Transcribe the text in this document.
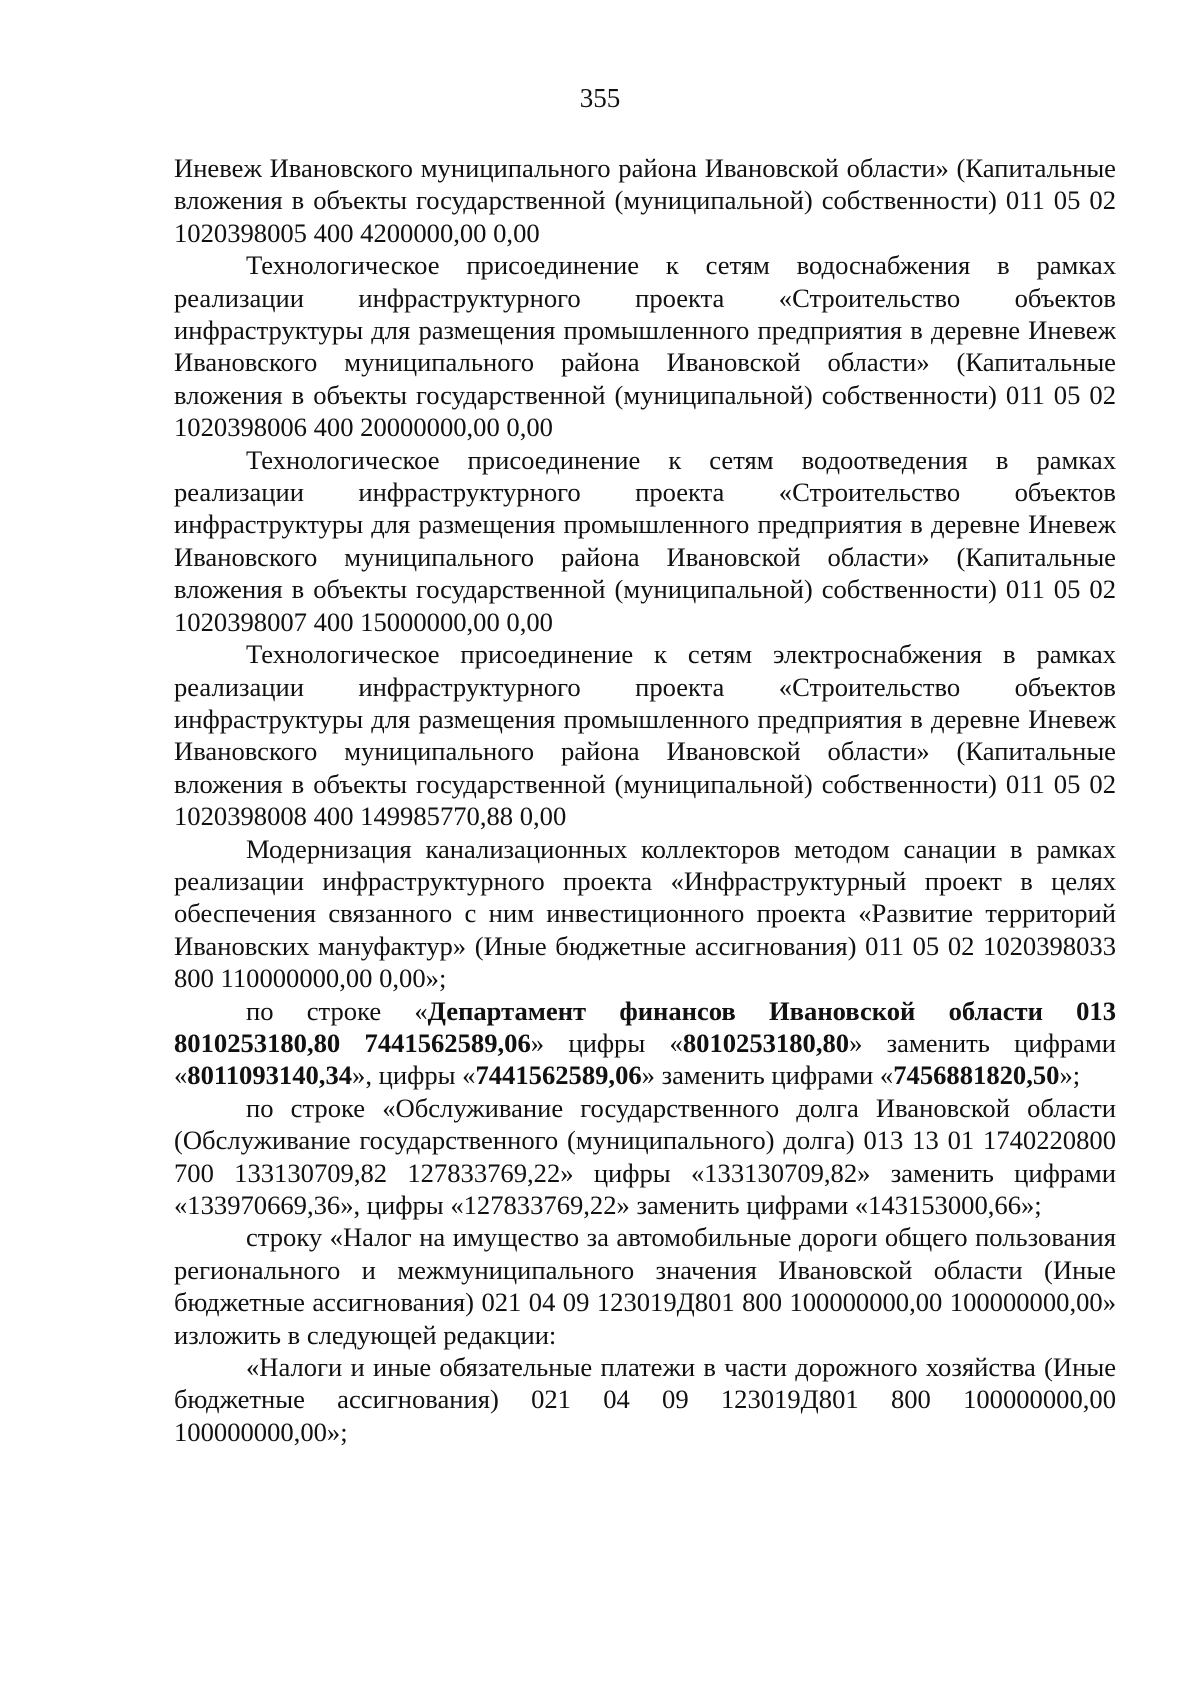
355

Иневеж Ивановского муниципального района Ивановской области» (Капитальные вложения в объекты государственной (муниципальной) собственности) 011 05 02 1020398005 400 4200000,00 0,00

Технологическое присоединение к сетям водоснабжения в рамках реализации инфраструктурного проекта «Строительство объектов инфраструктуры для размещения промышленного предприятия в деревне Иневеж Ивановского муниципального района Ивановской области» (Капитальные вложения в объекты государственной (муниципальной) собственности) 011 05 02 1020398006 400 20000000,00 0,00

Технологическое присоединение к сетям водоотведения в рамках реализации инфраструктурного проекта «Строительство объектов инфраструктуры для размещения промышленного предприятия в деревне Иневеж Ивановского муниципального района Ивановской области» (Капитальные вложения в объекты государственной (муниципальной) собственности) 011 05 02 1020398007 400 15000000,00 0,00

Технологическое присоединение к сетям электроснабжения в рамках реализации инфраструктурного проекта «Строительство объектов инфраструктуры для размещения промышленного предприятия в деревне Иневеж Ивановского муниципального района Ивановской области» (Капитальные вложения в объекты государственной (муниципальной) собственности) 011 05 02 1020398008 400 149985770,88 0,00

Модернизация канализационных коллекторов методом санации в рамках реализации инфраструктурного проекта «Инфраструктурный проект в целях обеспечения связанного с ним инвестиционного проекта «Развитие территорий Ивановских мануфактур» (Иные бюджетные ассигнования) 011 05 02 1020398033 800 110000000,00 0,00»;

по строке «Департамент финансов Ивановской области 013 8010253180,80 7441562589,06» цифры «8010253180,80» заменить цифрами «8011093140,34», цифры «7441562589,06» заменить цифрами «7456881820,50»;

по строке «Обслуживание государственного долга Ивановской области (Обслуживание государственного (муниципального) долга) 013 13 01 1740220800 700 133130709,82 127833769,22» цифры «133130709,82» заменить цифрами «133970669,36», цифры «127833769,22» заменить цифрами «143153000,66»;

строку «Налог на имущество за автомобильные дороги общего пользования регионального и межмуниципального значения Ивановской области (Иные бюджетные ассигнования) 021 04 09 123019Д801 800 100000000,00 100000000,00» изложить в следующей редакции:

«Налоги и иные обязательные платежи в части дорожного хозяйства (Иные бюджетные ассигнования) 021 04 09 123019Д801 800 100000000,00 100000000,00»;
